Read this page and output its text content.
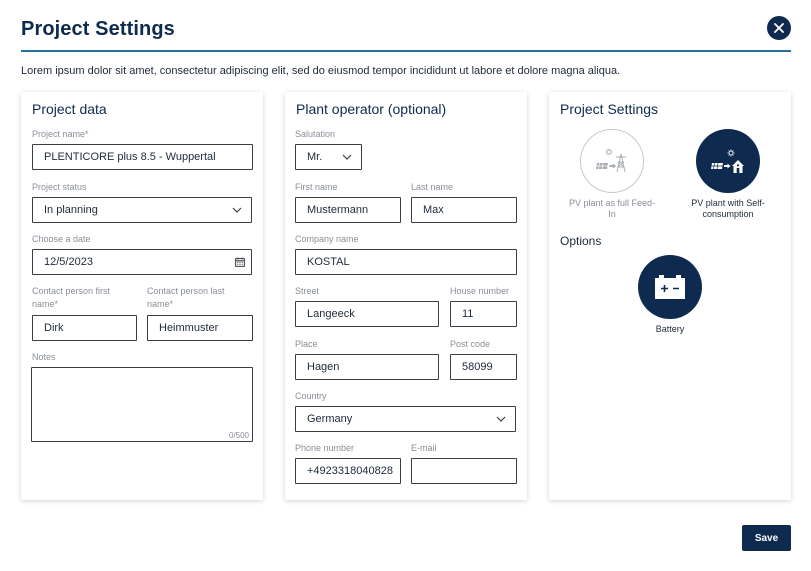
Project Settings
Lorem ipsum dolor sit amet, consectetur adipiscing elit, sed do eiusmod tempor incididunt ut labore et dolore magna aliqua.
Project data
Project name*
PLENTICORE plus 8.5 - Wuppertal
Project status
In planning
Choose a date
12/5/2023
Contact person first name*
Dirk
Contact person last name*
Heimmuster
Notes
0/500
Plant operator (optional)
Salutation
Mr.
First name
Mustermann
Last name
Max
Company name
KOSTAL
Street
Langeeck
House number
11
Place
Hagen
Post code
58099
Country
Germany
Phone number
+4923318040828
E-mail
Project Settings
PV plant as full Feed-In
PV plant with Self-consumption
Options
Battery
Save
